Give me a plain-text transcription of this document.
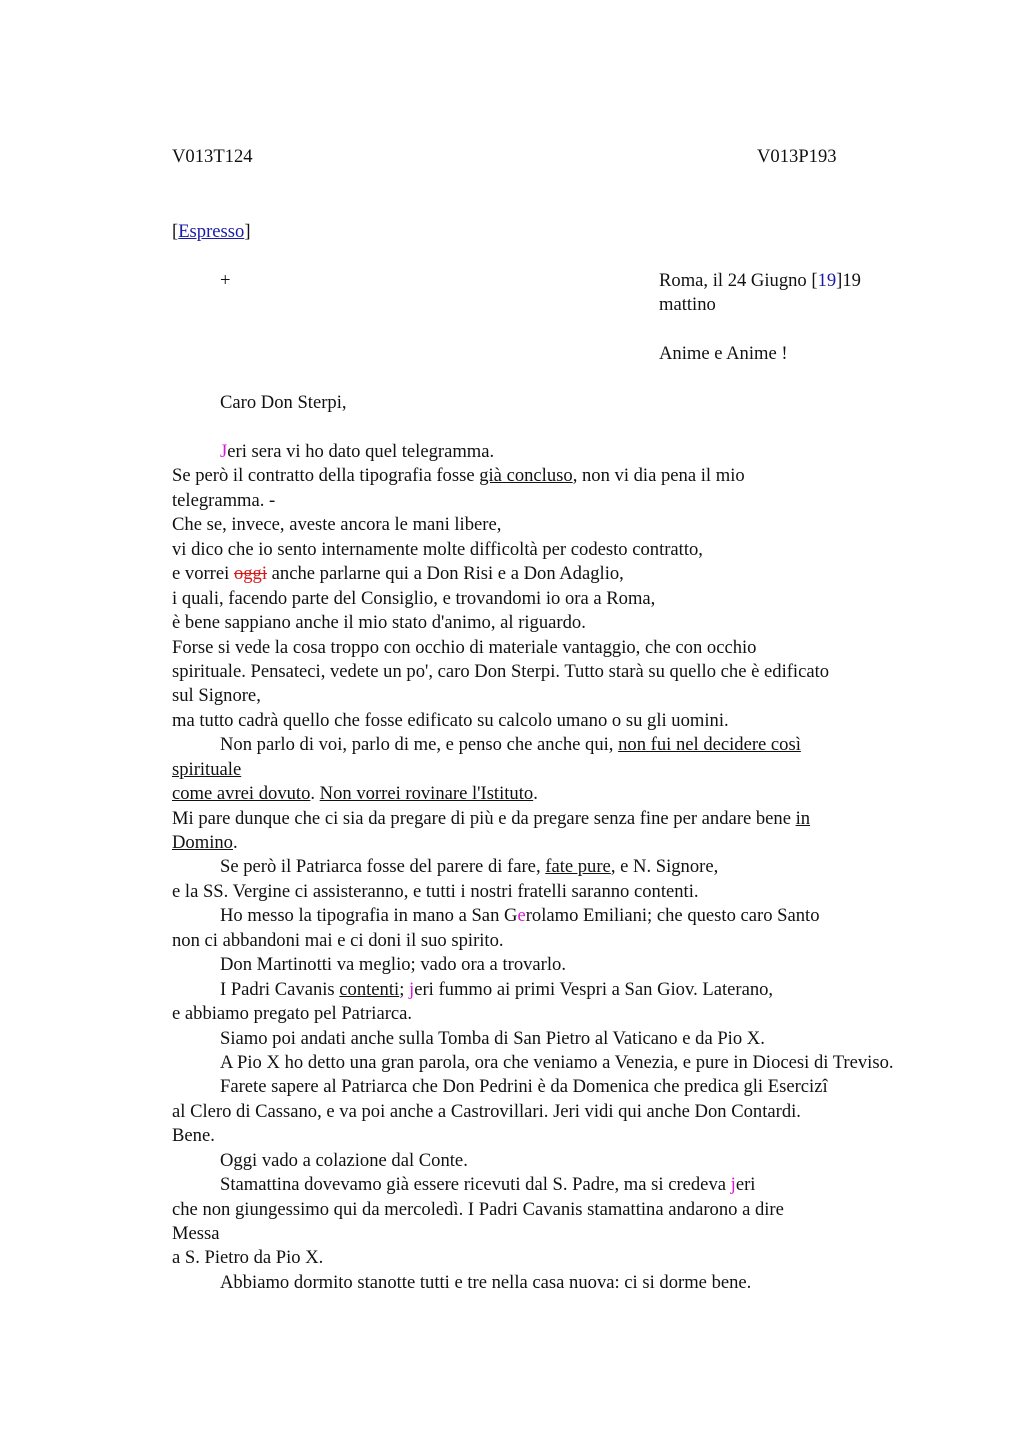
V013T124	V013P193
[Espresso]
+	Roma, il 24 Giugno [19]19
mattino
Anime e Anime !
Caro Don Sterpi,
Jeri sera vi ho dato quel telegramma.
Se però il contratto della tipografia fosse già concluso, non vi dia pena il mio
telegramma. -
Che se, invece, aveste ancora le mani libere,
vi dico che io sento internamente molte difficoltà per codesto contratto,
e vorrei oggi anche parlarne qui a Don Risi e a Don Adaglio,
i quali, facendo parte del Consiglio, e trovandomi io ora a Roma,
è bene sappiano anche il mio stato d'animo, al riguardo.
Forse si vede la cosa troppo con occhio di materiale vantaggio, che con occhio
spirituale. Pensateci, vedete un po', caro Don Sterpi. Tutto starà su quello che è edificato
sul Signore,
ma tutto cadrà quello che fosse edificato su calcolo umano o su gli uomini.
Non parlo di voi, parlo di me, e penso che anche qui, non fui nel decidere così
spirituale
come avrei dovuto. Non vorrei rovinare l'Istituto.
Mi pare dunque che ci sia da pregare di più e da pregare senza fine per andare bene in
Domino.
Se però il Patriarca fosse del parere di fare, fate pure, e N. Signore,
e la SS. Vergine ci assisteranno, e tutti i nostri fratelli saranno contenti.
Ho messo la tipografia in mano a San Gerolamo Emiliani; che questo caro Santo
non ci abbandoni mai e ci doni il suo spirito.
Don Martinotti va meglio; vado ora a trovarlo.
I Padri Cavanis contenti; jeri fummo ai primi Vespri a San Giov. Laterano,
e abbiamo pregato pel Patriarca.
Siamo poi andati anche sulla Tomba di San Pietro al Vaticano e da Pio X.
A Pio X ho detto una gran parola, ora che veniamo a Venezia, e pure in Diocesi di Treviso.
Farete sapere al Patriarca che Don Pedrini è da Domenica che predica gli Esercizi
al Clero di Cassano, e va poi anche a Castrovillari. Jeri vidi qui anche Don Contardi.
Bene.
Oggi vado a colazione dal Conte.
Stamattina dovevamo già essere ricevuti dal S. Padre, ma si credeva jeri
che non giungessimo qui da mercoledì. I Padri Cavanis stamattina andarono a dire
Messa
a S. Pietro da Pio X.
Abbiamo dormito stanotte tutti e tre nella casa nuova: ci si dorme bene.
